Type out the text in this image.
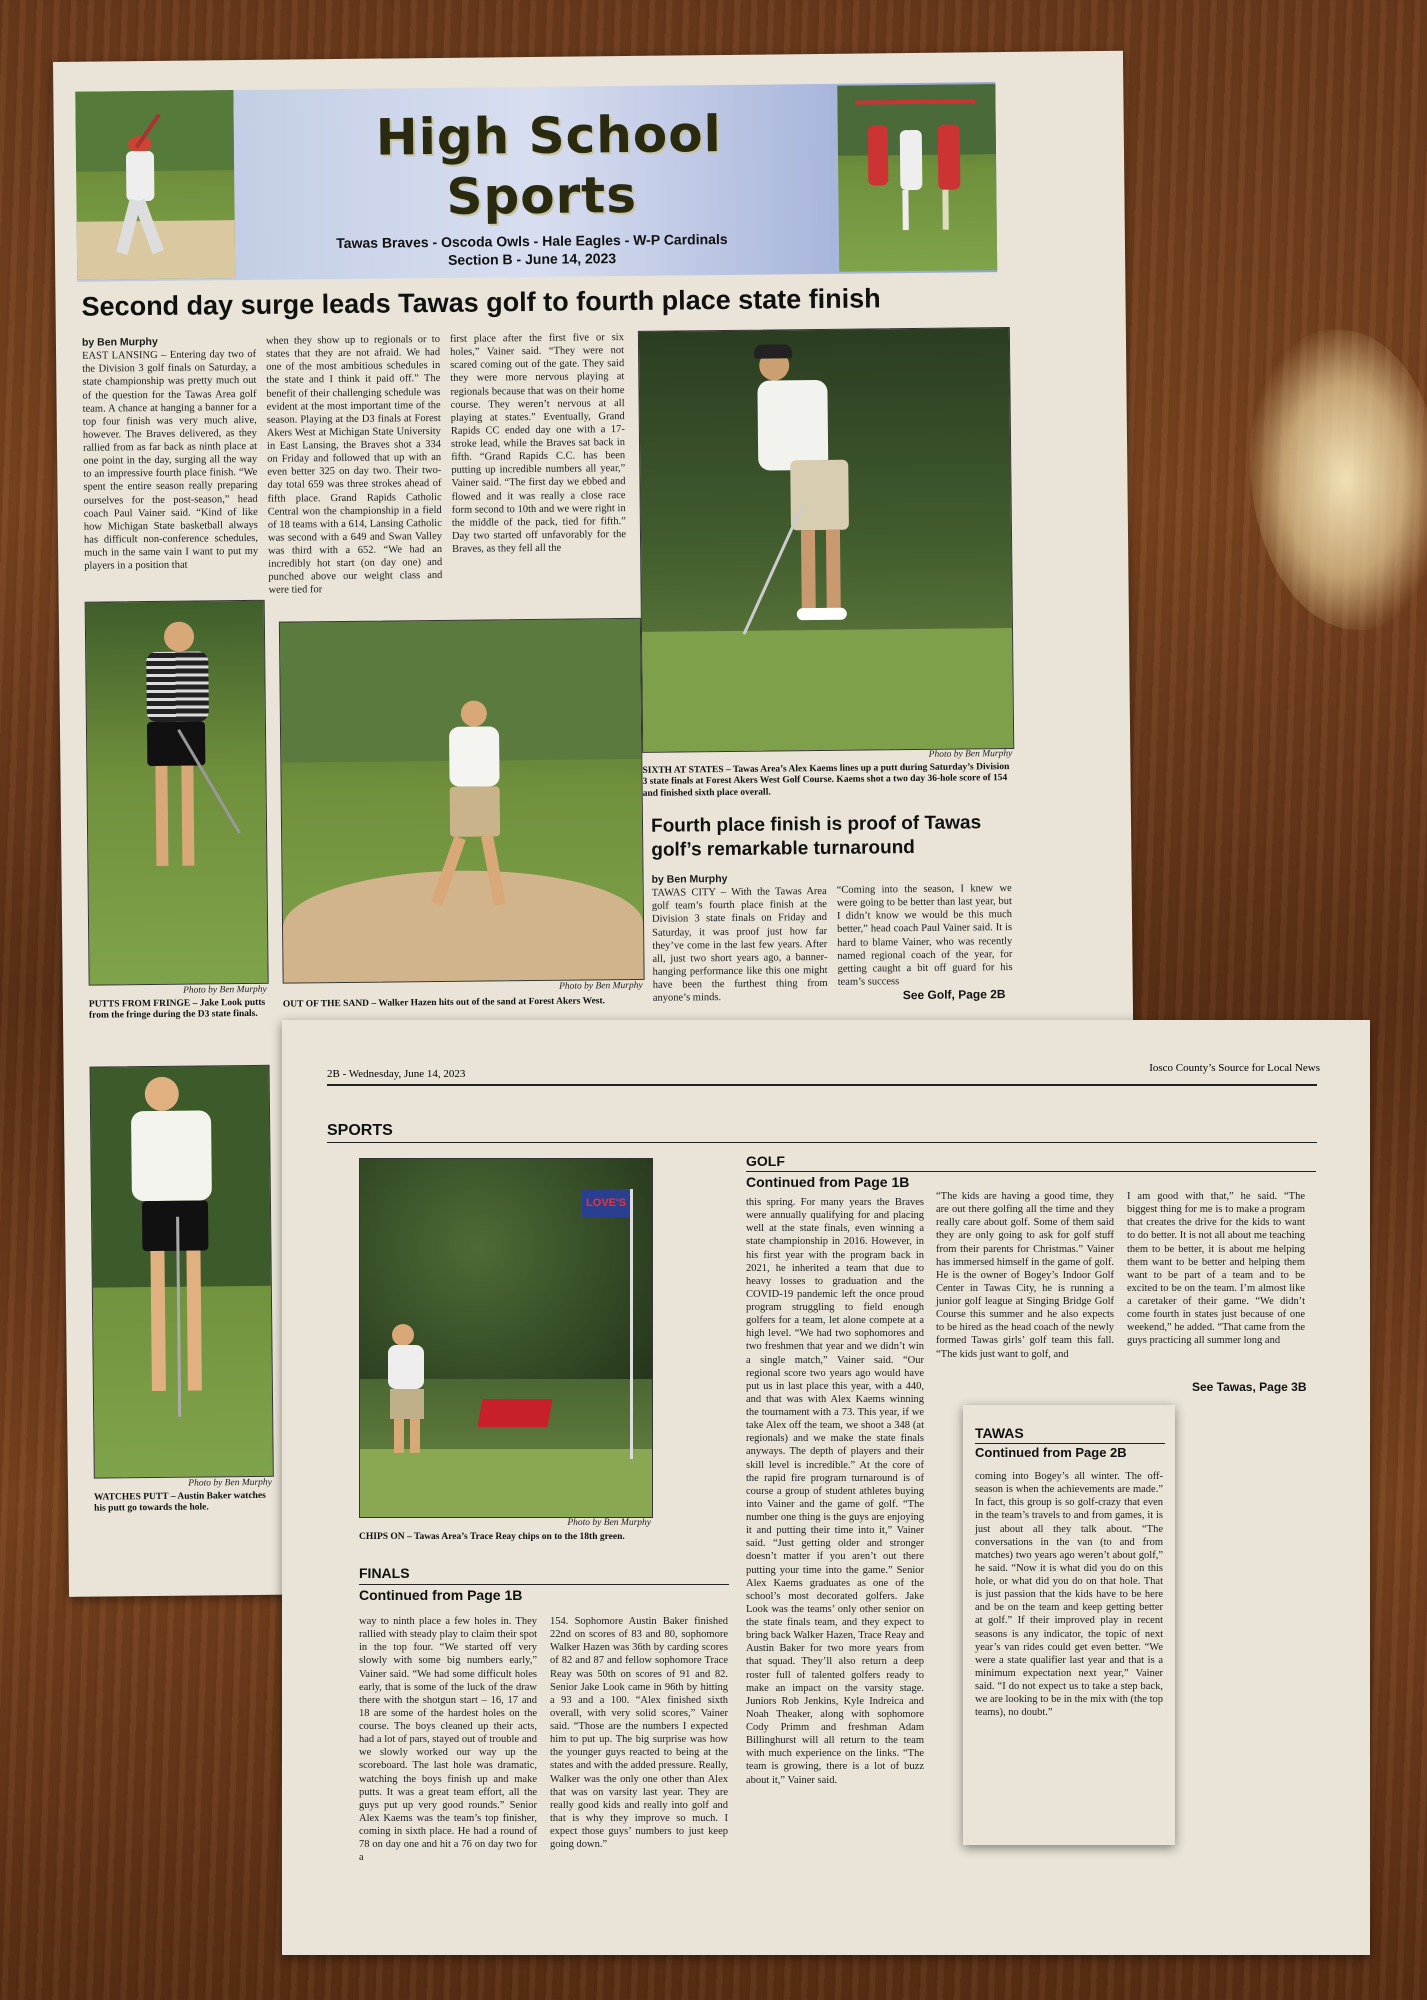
High School
Sports
Tawas Braves - Oscoda Owls - Hale Eagles - W-P Cardinals
Section B - June 14, 2023
Second day surge leads Tawas golf to fourth place state finish
by Ben Murphy
EAST LANSING – Entering day two of the Division 3 golf finals on Saturday, a state championship was pretty much out of the question for the Tawas Area golf team. A chance at hanging a banner for a top four finish was very much alive, however. The Braves delivered, as they rallied from as far back as ninth place at one point in the day, surging all the way to an impressive fourth place finish. “We spent the entire season really preparing ourselves for the post-season,” head coach Paul Vainer said. “Kind of like how Michigan State basketball always has difficult non-conference schedules, much in the same vain I want to put my players in a position that
when they show up to regionals or to states that they are not afraid. We had one of the most ambitious schedules in the state and I think it paid off.” The benefit of their challenging schedule was evident at the most important time of the season. Playing at the D3 finals at Forest Akers West at Michigan State University in East Lansing, the Braves shot a 334 on Friday and followed that up with an even better 325 on day two. Their two-day total 659 was three strokes ahead of fifth place. Grand Rapids Catholic Central won the championship in a field of 18 teams with a 614, Lansing Catholic was second with a 649 and Swan Valley was third with a 652. “We had an incredibly hot start (on day one) and punched above our weight class and were tied for
first place after the first five or six holes,” Vainer said. “They were not scared coming out of the gate. They said they were more nervous playing at regionals because that was on their home course. They weren’t nervous at all playing at states.” Eventually, Grand Rapids CC ended day one with a 17-stroke lead, while the Braves sat back in fifth. “Grand Rapids C.C. has been putting up incredible numbers all year,” Vainer said. “The first day we ebbed and flowed and it was really a close race form second to 10th and we were right in the middle of the pack, tied for fifth.” Day two started off unfavorably for the Braves, as they fell all the
Photo by Ben Murphy
SIXTH AT STATES – Tawas Area’s Alex Kaems lines up a putt during Saturday’s Division 3 state finals at Forest Akers West Golf Course. Kaems shot a two day 36-hole score of 154 and finished sixth place overall.
Photo by Ben Murphy
PUTTS FROM FRINGE – Jake Look putts from the fringe during the D3 state finals.
Photo by Ben Murphy
OUT OF THE SAND – Walker Hazen hits out of the sand at Forest Akers West.
Fourth place finish is proof of Tawas
golf’s remarkable turnaround
by Ben Murphy
TAWAS CITY – With the Tawas Area golf team’s fourth place finish at the Division 3 state finals on Friday and Saturday, it was proof just how far they’ve come in the last few years. After all, just two short years ago, a banner-hanging performance like this one might have been the furthest thing from anyone’s minds.
“Coming into the season, I knew we were going to be better than last year, but I didn’t know we would be this much better,” head coach Paul Vainer said. It is hard to blame Vainer, who was recently named regional coach of the year, for getting caught a bit off guard for his team’s success
See Golf, Page 2B
Photo by Ben Murphy
WATCHES PUTT – Austin Baker watches his putt go towards the hole.
2B - Wednesday, June 14, 2023	Iosco County’s Source for Local News
SPORTS
LOVE'S
Photo by Ben Murphy
CHIPS ON – Tawas Area’s Trace Reay chips on to the 18th green.
GOLF
Continued from Page 1B
this spring. For many years the Braves were annually qualifying for and placing well at the state finals, even winning a state championship in 2016. However, in his first year with the program back in 2021, he inherited a team that due to heavy losses to graduation and the COVID-19 pandemic left the once proud program struggling to field enough golfers for a team, let alone compete at a high level. “We had two sophomores and two freshmen that year and we didn’t win a single match,” Vainer said. “Our regional score two years ago would have put us in last place this year, with a 440, and that was with Alex Kaems winning the tournament with a 73. This year, if we take Alex off the team, we shoot a 348 (at regionals) and we make the state finals anyways. The depth of players and their skill level is incredible.” At the core of the rapid fire program turnaround is of course a group of student athletes buying into Vainer and the game of golf. “The number one thing is the guys are enjoying it and putting their time into it,” Vainer said. “Just getting older and stronger doesn’t matter if you aren’t out there putting your time into the game.” Senior Alex Kaems graduates as one of the school’s most decorated golfers. Jake Look was the teams’ only other senior on the state finals team, and they expect to bring back Walker Hazen, Trace Reay and Austin Baker for two more years from that squad. They’ll also return a deep roster full of talented golfers ready to make an impact on the varsity stage. Juniors Rob Jenkins, Kyle Indreica and Noah Theaker, along with sophomore Cody Primm and freshman Adam Billinghurst will all return to the team with much experience on the links. “The team is growing, there is a lot of buzz about it,” Vainer said.
“The kids are having a good time, they are out there golfing all the time and they really care about golf. Some of them said they are only going to ask for golf stuff from their parents for Christmas.” Vainer has immersed himself in the game of golf. He is the owner of Bogey’s Indoor Golf Center in Tawas City, he is running a junior golf league at Singing Bridge Golf Course this summer and he also expects to be hired as the head coach of the newly formed Tawas girls’ golf team this fall. “The kids just want to golf, and
I am good with that,” he said. “The biggest thing for me is to make a program that creates the drive for the kids to want to do better. It is not all about me teaching them to be better, it is about me helping them want to be better and helping them want to be part of a team and to be excited to be on the team. I’m almost like a caretaker of their game. “We didn’t come fourth in states just because of one weekend,” he added. “That came from the guys practicing all summer long and
See Tawas, Page 3B
FINALS
Continued from Page 1B
way to ninth place a few holes in. They rallied with steady play to claim their spot in the top four. “We started off very slowly with some big numbers early,” Vainer said. “We had some difficult holes early, that is some of the luck of the draw there with the shotgun start – 16, 17 and 18 are some of the hardest holes on the course. The boys cleaned up their acts, had a lot of pars, stayed out of trouble and we slowly worked our way up the scoreboard. The last hole was dramatic, watching the boys finish up and make putts. It was a great team effort, all the guys put up very good rounds.” Senior Alex Kaems was the team’s top finisher, coming in sixth place. He had a round of 78 on day one and hit a 76 on day two for a
154. Sophomore Austin Baker finished 22nd on scores of 83 and 80, sophomore Walker Hazen was 36th by carding scores of 82 and 87 and fellow sophomore Trace Reay was 50th on scores of 91 and 82. Senior Jake Look came in 96th by hitting a 93 and a 100. “Alex finished sixth overall, with very solid scores,” Vainer said. “Those are the numbers I expected him to put up. The big surprise was how the younger guys reacted to being at the states and with the added pressure. Really, Walker was the only one other than Alex that was on varsity last year. They are really good kids and really into golf and that is why they improve so much. I expect those guys’ numbers to just keep going down.”
TAWAS
Continued from Page 2B
coming into Bogey’s all winter. The off-season is when the achievements are made.” In fact, this group is so golf-crazy that even in the team’s travels to and from games, it is just about all they talk about. “The conversations in the van (to and from matches) two years ago weren’t about golf,” he said. “Now it is what did you do on this hole, or what did you do on that hole. That is just passion that the kids have to be here and be on the team and keep getting better at golf.” If their improved play in recent seasons is any indicator, the topic of next year’s van rides could get even better. “We were a state qualifier last year and that is a minimum expectation next year,” Vainer said. “I do not expect us to take a step back, we are looking to be in the mix with (the top teams), no doubt.”
